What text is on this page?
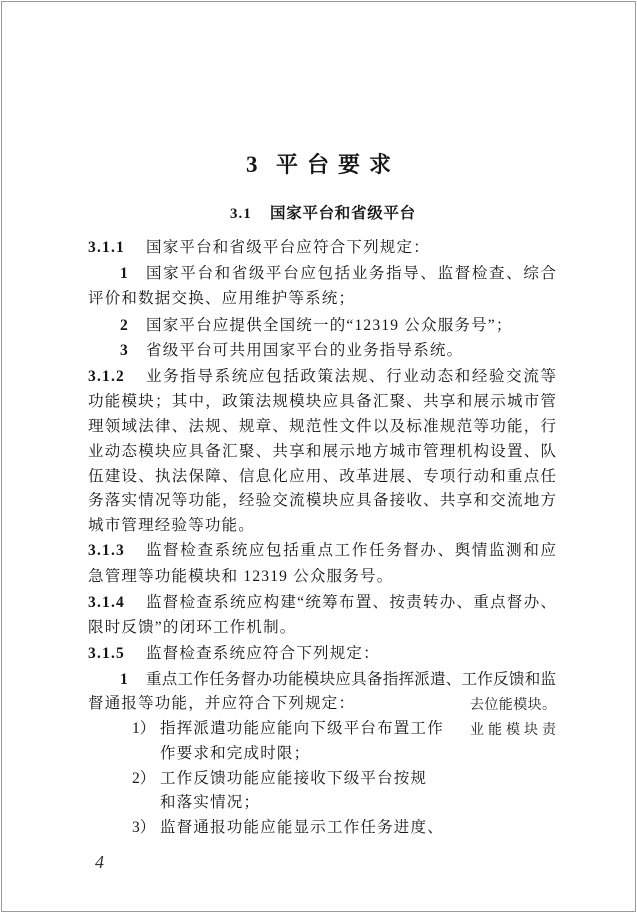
3 平台要求
3.1 国家平台和省级平台
3.1.1 国家平台和省级平台应符合下列规定：
1 国家平台和省级平台应包括业务指导、监督检查、综合
评价和数据交换、应用维护等系统；
2 国家平台应提供全国统一的“12319 公众服务号”；
3 省级平台可共用国家平台的业务指导系统。
3.1.2 业务指导系统应包括政策法规、行业动态和经验交流等
功能模块；其中，政策法规模块应具备汇聚、共享和展示城市管
理领域法律、法规、规章、规范性文件以及标准规范等功能，行
业动态模块应具备汇聚、共享和展示地方城市管理机构设置、队
伍建设、执法保障、信息化应用、改革进展、专项行动和重点任
务落实情况等功能，经验交流模块应具备接收、共享和交流地方
城市管理经验等功能。
3.1.3 监督检查系统应包括重点工作任务督办、舆情监测和应
急管理等功能模块和 12319 公众服务号。
3.1.4 监督检查系统应构建“统筹布置、按责转办、重点督办、
限时反馈”的闭环工作机制。
3.1.5 监督检查系统应符合下列规定：
1 重点工作任务督办功能模块应具备指挥派遣、工作反馈和监
督通报等功能，并应符合下列规定：
1） 指挥派遣功能应能向下级平台布置工作
作要求和完成时限；
2） 工作反馈功能应能接收下级平台按规
和落实情况；
3） 监督通报功能应能显示工作任务进度、
去位能模块。
业能模块责
4
